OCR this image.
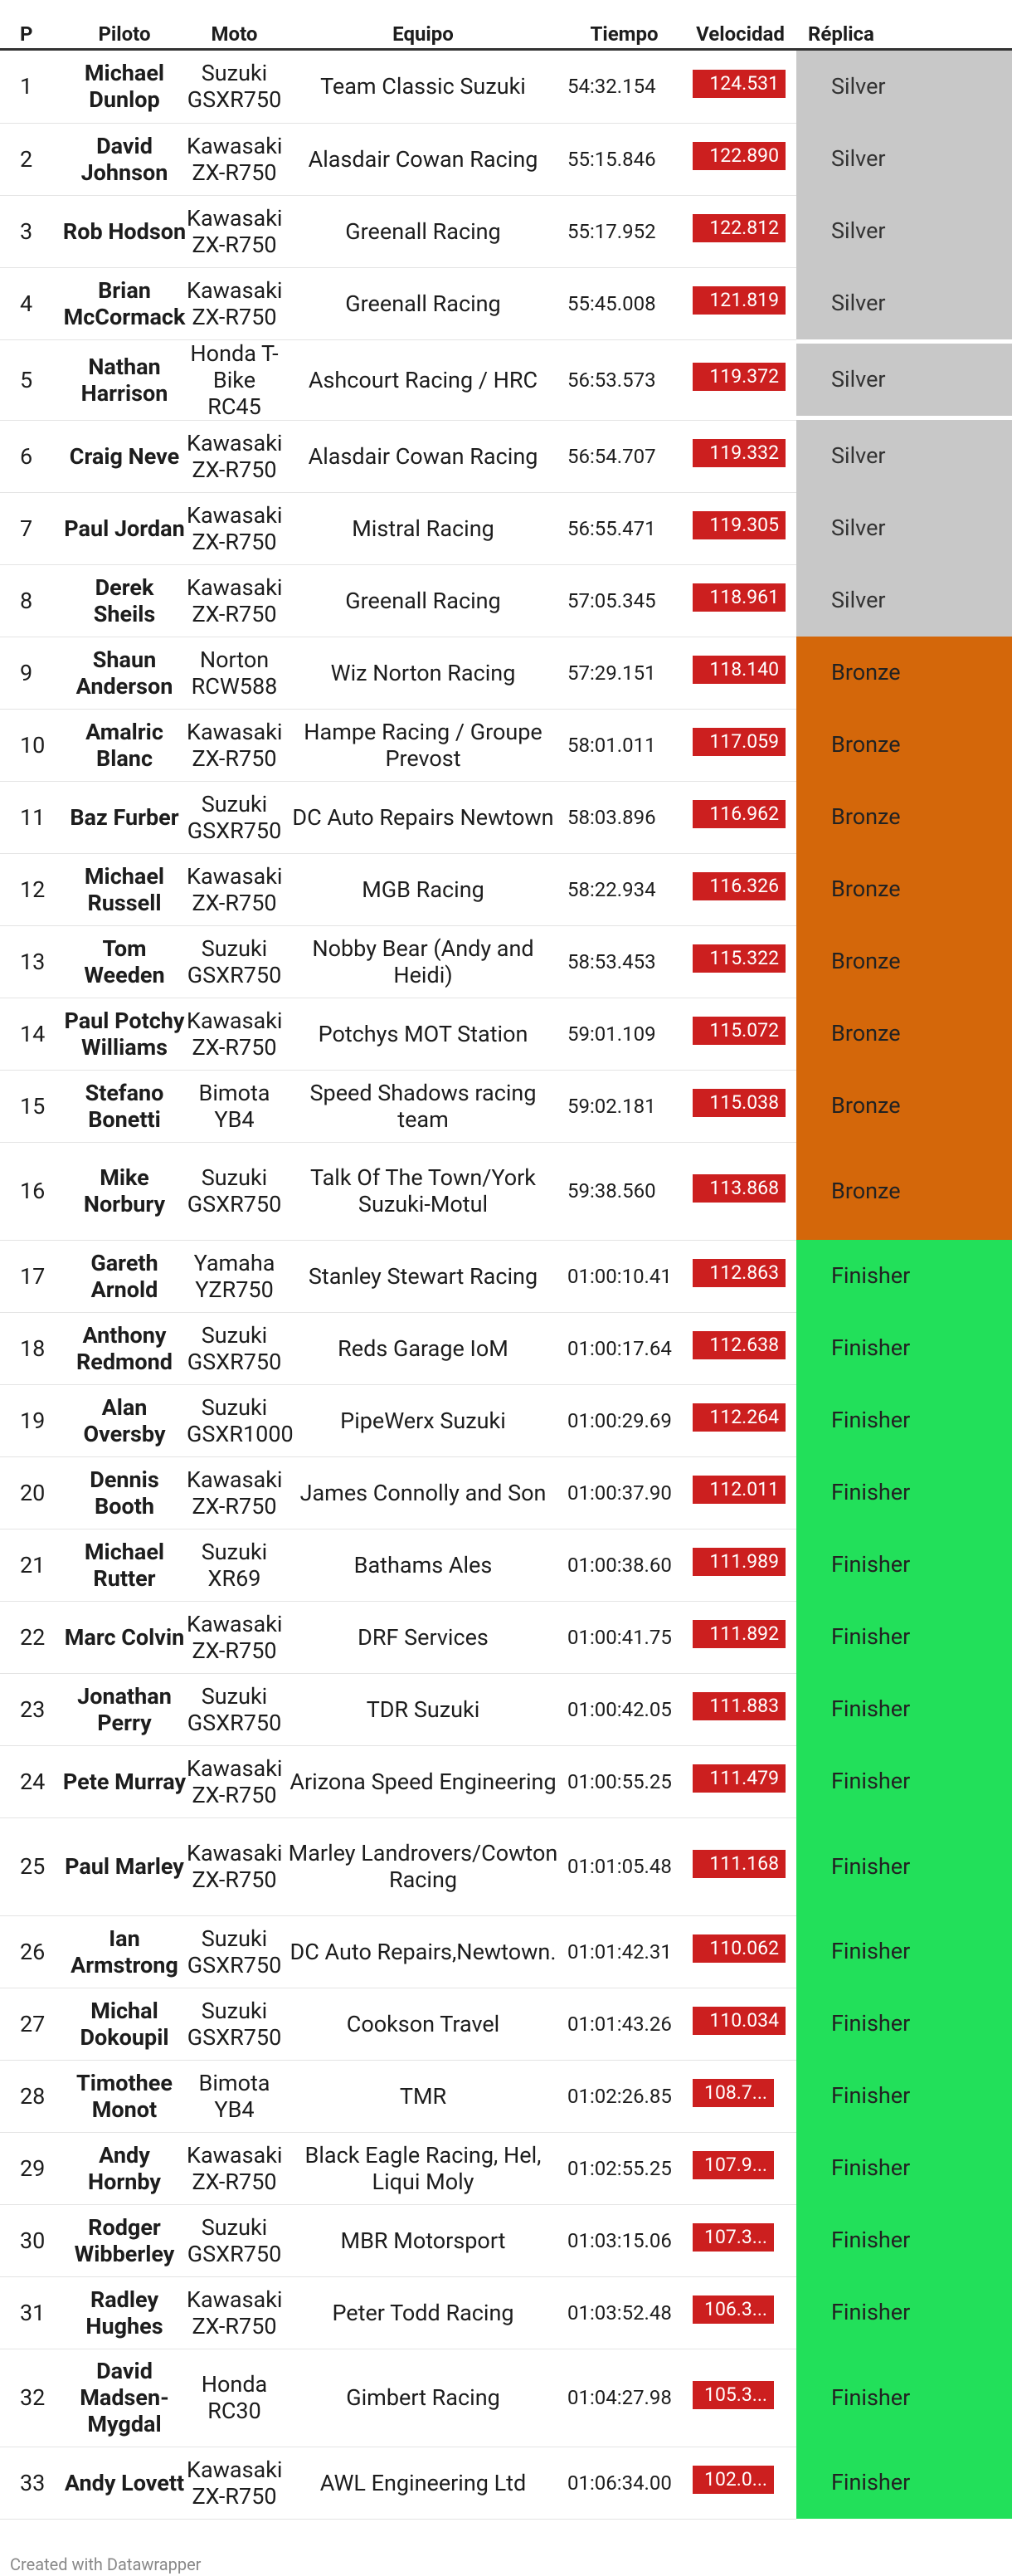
P	Piloto	Moto	Equipo	Tiempo	Velocidad	Réplica
1	Michael Dunlop	Suzuki GSXR750	Team Classic Suzuki	54:32.154	124.531	Silver

2	David Johnson	Kawasaki ZX-R750	Alasdair Cowan Racing	55:15.846	122.890	Silver

3	Rob Hodson	Kawasaki ZX-R750	Greenall Racing	55:17.952	122.812	Silver

4	Brian McCormack	Kawasaki ZX-R750	Greenall Racing	55:45.008	121.819	Silver

5	Nathan Harrison	Honda T-Bike RC45	Ashcourt Racing / HRC	56:53.573	119.372	Silver

6	Craig Neve	Kawasaki ZX-R750	Alasdair Cowan Racing	56:54.707	119.332	Silver

7	Paul Jordan	Kawasaki ZX-R750	Mistral Racing	56:55.471	119.305	Silver

8	Derek Sheils	Kawasaki ZX-R750	Greenall Racing	57:05.345	118.961	Silver

9	Shaun Anderson	Norton RCW588	Wiz Norton Racing	57:29.151	118.140	Bronze

10	Amalric Blanc	Kawasaki ZX-R750	Hampe Racing / Groupe Prevost	58:01.011	117.059	Bronze

11	Baz Furber	Suzuki GSXR750	DC Auto Repairs Newtown	58:03.896	116.962	Bronze

12	Michael Russell	Kawasaki ZX-R750	MGB Racing	58:22.934	116.326	Bronze

13	Tom Weeden	Suzuki GSXR750	Nobby Bear (Andy and Heidi)	58:53.453	115.322	Bronze

14	Paul Potchy Williams	Kawasaki ZX-R750	Potchys MOT Station	59:01.109	115.072	Bronze

15	Stefano Bonetti	Bimota YB4	Speed Shadows racing team	59:02.181	115.038	Bronze

16	Mike Norbury	Suzuki GSXR750	Talk Of The Town/York Suzuki-Motul	59:38.560	113.868	Bronze

17	Gareth Arnold	Yamaha YZR750	Stanley Stewart Racing	01:00:10.41	112.863	Finisher

18	Anthony Redmond	Suzuki GSXR750	Reds Garage IoM	01:00:17.64	112.638	Finisher

19	Alan Oversby	Suzuki GSXR1000	PipeWerx Suzuki	01:00:29.69	112.264	Finisher

20	Dennis Booth	Kawasaki ZX-R750	James Connolly and Son	01:00:37.90	112.011	Finisher

21	Michael Rutter	Suzuki XR69	Bathams Ales	01:00:38.60	111.989	Finisher

22	Marc Colvin	Kawasaki ZX-R750	DRF Services	01:00:41.75	111.892	Finisher

23	Jonathan Perry	Suzuki GSXR750	TDR Suzuki	01:00:42.05	111.883	Finisher

24	Pete Murray	Kawasaki ZX-R750	Arizona Speed Engineering	01:00:55.25	111.479	Finisher

25	Paul Marley	Kawasaki ZX-R750	Marley Landrovers/Cowton Racing	01:01:05.48	111.168	Finisher

26	Ian Armstrong	Suzuki GSXR750	DC Auto Repairs,Newtown.	01:01:42.31	110.062	Finisher

27	Michal Dokoupil	Suzuki GSXR750	Cookson Travel	01:01:43.26	110.034	Finisher

28	Timothee Monot	Bimota YB4	TMR	01:02:26.85	108.7...	Finisher

29	Andy Hornby	Kawasaki ZX-R750	Black Eagle Racing, Hel, Liqui Moly	01:02:55.25	107.9...	Finisher

30	Rodger Wibberley	Suzuki GSXR750	MBR Motorsport	01:03:15.06	107.3...	Finisher

31	Radley Hughes	Kawasaki ZX-R750	Peter Todd Racing	01:03:52.48	106.3...	Finisher

32	David Madsen-Mygdal	Honda RC30	Gimbert Racing	01:04:27.98	105.3...	Finisher

33	Andy Lovett	Kawasaki ZX-R750	AWL Engineering Ltd	01:06:34.00	102.0...	Finisher
Created with Datawrapper
